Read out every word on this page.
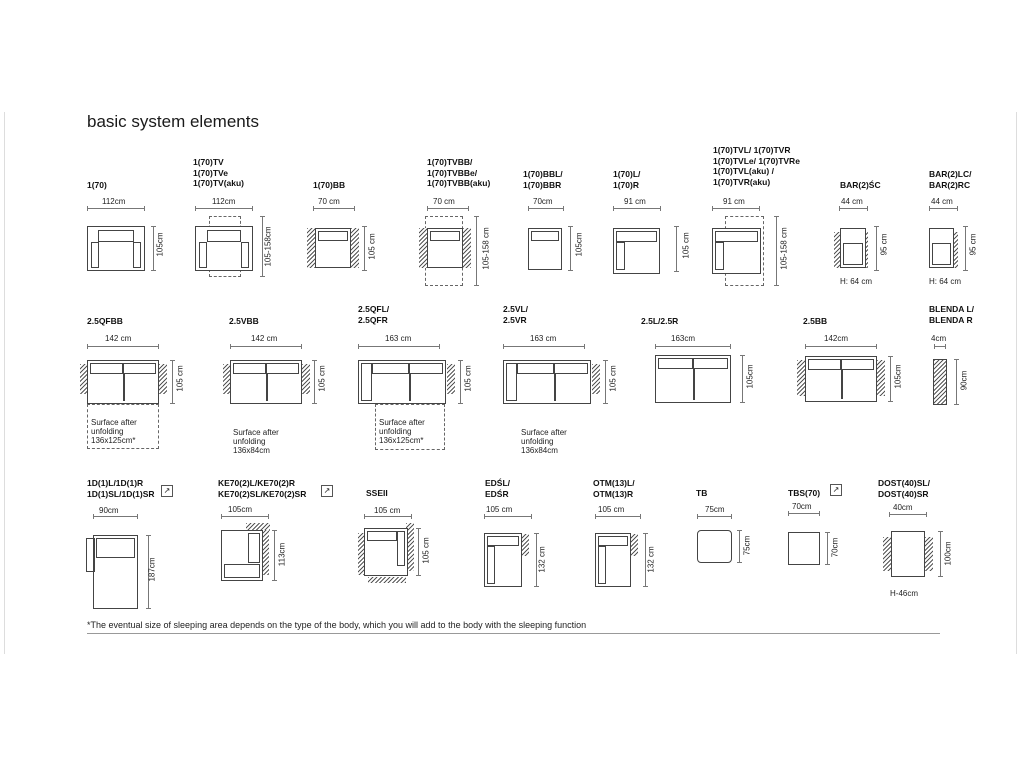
basic system elements
1(70)
112cm
105cm
1(70)TV
1(70)TVe
1(70)TV(aku)
112cm
105-158cm
1(70)BB
70 cm
105 cm
1(70)TVBB/
1(70)TVBBe/
1(70)TVBB(aku)
70 cm
105-158 cm
1(70)BBL/
1(70)BBR
70cm
105cm
1(70)L/
1(70)R
91 cm
105 cm
1(70)TVL/ 1(70)TVR
1(70)TVLe/ 1(70)TVRe
1(70)TVL(aku) /
1(70)TVR(aku)
91 cm
105-158 cm
BAR(2)ŚC
44 cm
95 cm
H: 64 cm
BAR(2)LC/
BAR(2)RC
44 cm
95 cm
H: 64 cm
2.5QFBB
142 cm
105 cm
Surface after
unfolding
136x125cm*
2.5VBB
142 cm
105 cm
Surface after
unfolding
136x84cm
2.5QFL/
2.5QFR
163 cm
105 cm
Surface after
unfolding
136x125cm*
2.5VL/
2.5VR
163 cm
105 cm
Surface after
unfolding
136x84cm
2.5L/2.5R
163cm
105cm
2.5BB
142cm
105cm
BLENDA L/
BLENDA R
4cm
90cm
1D(1)L/1D(1)R
1D(1)SL/1D(1)SR	↗
90cm
187cm
KE70(2)L/KE70(2)R
KE70(2)SL/KE70(2)SR	↗
105cm
113cm
SSEII
105 cm
105 cm
EDŚL/
EDŚR
105 cm
132 cm
OTM(13)L/
OTM(13)R
105 cm
132 cm
TB
75cm
75cm
TBS(70)	↗
70cm
70cm
DOST(40)SL/
DOST(40)SR
40cm
100cm
H-46cm
*The eventual size of sleeping area depends on the type of the body, which you will add to the body with the sleeping function
